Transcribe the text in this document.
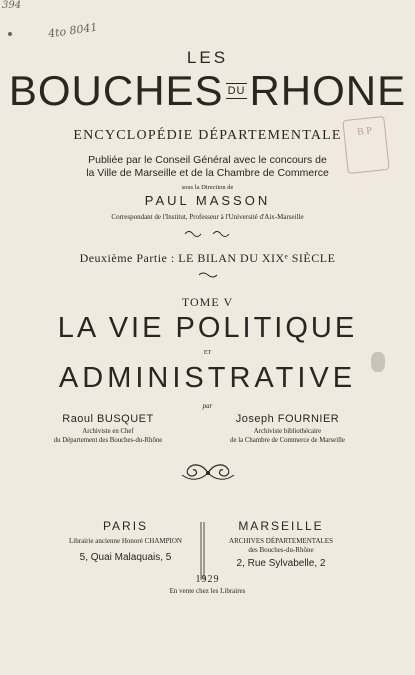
394
4to 8041
B P
LES
BOUCHES DU RHONE
ENCYCLOPÉDIE DÉPARTEMENTALE
Publiée par le Conseil Général avec le concours de
la Ville de Marseille et de la Chambre de Commerce
sous la Direction de
PAUL MASSON
Correspondant de l'Institut, Professeur à l'Université d'Aix-Marseille
Deuxième Partie : LE BILAN DU XIXᵉ SIÈCLE
TOME V
LA VIE POLITIQUE
ET
ADMINISTRATIVE
par
Raoul BUSQUET
Archiviste en Chef
du Département des Bouches-du-Rhône
Joseph FOURNIER
Archiviste bibliothécaire
de la Chambre de Commerce de Marseille
PARIS
Librairie ancienne Honoré CHAMPION
5, Quai Malaquais, 5
MARSEILLE
ARCHIVES DÉPARTEMENTALES
des Bouches-du-Rhône
2, Rue Sylvabelle, 2
1929
En vente chez les Libraires
